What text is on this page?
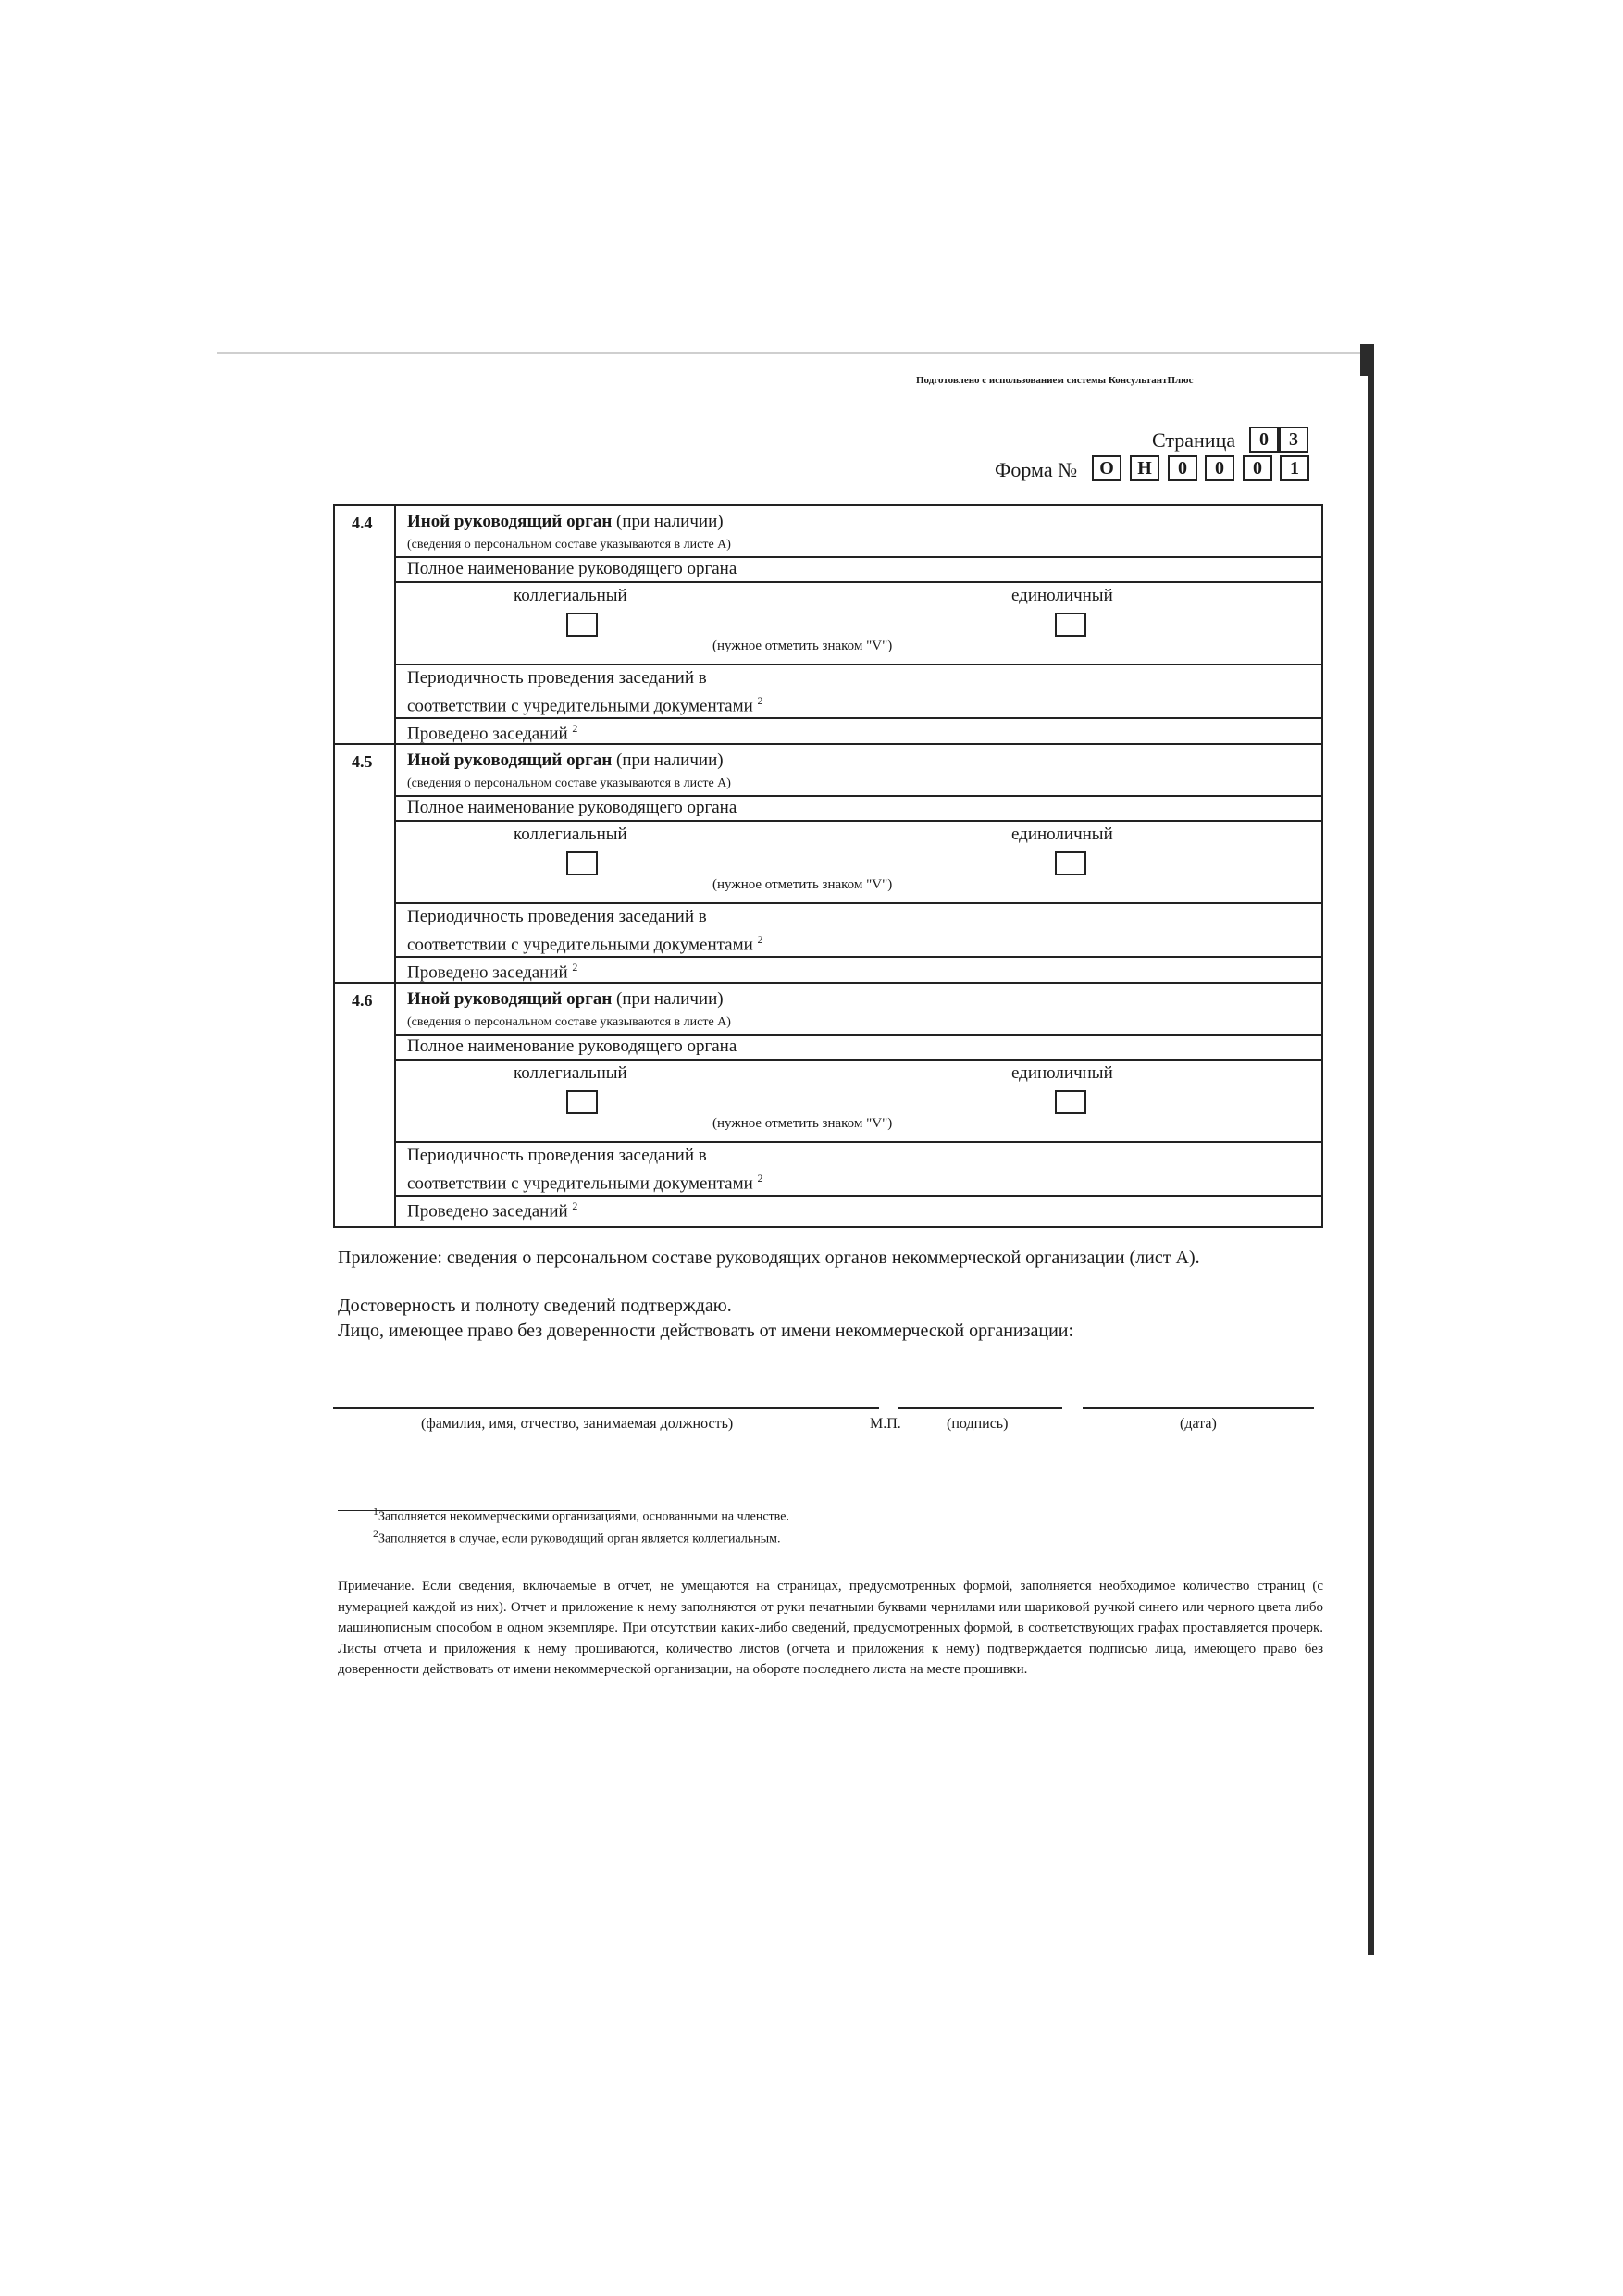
Подготовлено с использованием системы КонсультантПлюс
Страница	0	3
Форма №	О	Н	0	0	0	1
4.4 Иной руководящий орган (при наличии)
(сведения о персональном составе указываются в листе А)
Полное наименование руководящего органа
коллегиальный	единоличный
(нужное отметить знаком "V")
Периодичность проведения заседаний в
соответствии с учредительными документами $^2$
Проведено заседаний $^2$
4.5 Иной руководящий орган (при наличии)
(сведения о персональном составе указываются в листе А)
Полное наименование руководящего органа
коллегиальный	единоличный
(нужное отметить знаком "V")
Периодичность проведения заседаний в
соответствии с учредительными документами $^2$
Проведено заседаний $^2$
4.6 Иной руководящий орган (при наличии)
(сведения о персональном составе указываются в листе А)
Полное наименование руководящего органа
коллегиальный	единоличный
(нужное отметить знаком "V")
Периодичность проведения заседаний в
соответствии с учредительными документами $^2$
Проведено заседаний $^2$
Приложение: сведения о персональном составе руководящих органов некоммерческой организации (лист А).
Достоверность и полноту сведений подтверждаю.
Лицо, имеющее право без доверенности действовать от имени некоммерческой организации:
(фамилия, имя, отчество, занимаемая должность)	М.П.	(подпись)	(дата)
$^1$Заполняется некоммерческими организациями, основанными на членстве.
$^2$Заполняется в случае, если руководящий орган является коллегиальным.
Примечание. Если сведения, включаемые в отчет, не умещаются на страницах, предусмотренных формой, заполняется необходимое количество страниц (с нумерацией каждой из них). Отчет и приложение к нему заполняются от руки печатными буквами чернилами или шариковой ручкой синего или черного цвета либо машинописным способом в одном экземпляре. При отсутствии каких-либо сведений, предусмотренных формой, в соответствующих графах проставляется прочерк. Листы отчета и приложения к нему прошиваются, количество листов (отчета и приложения к нему) подтверждается подписью лица, имеющего право без доверенности действовать от имени некоммерческой организации, на обороте последнего листа на месте прошивки.
